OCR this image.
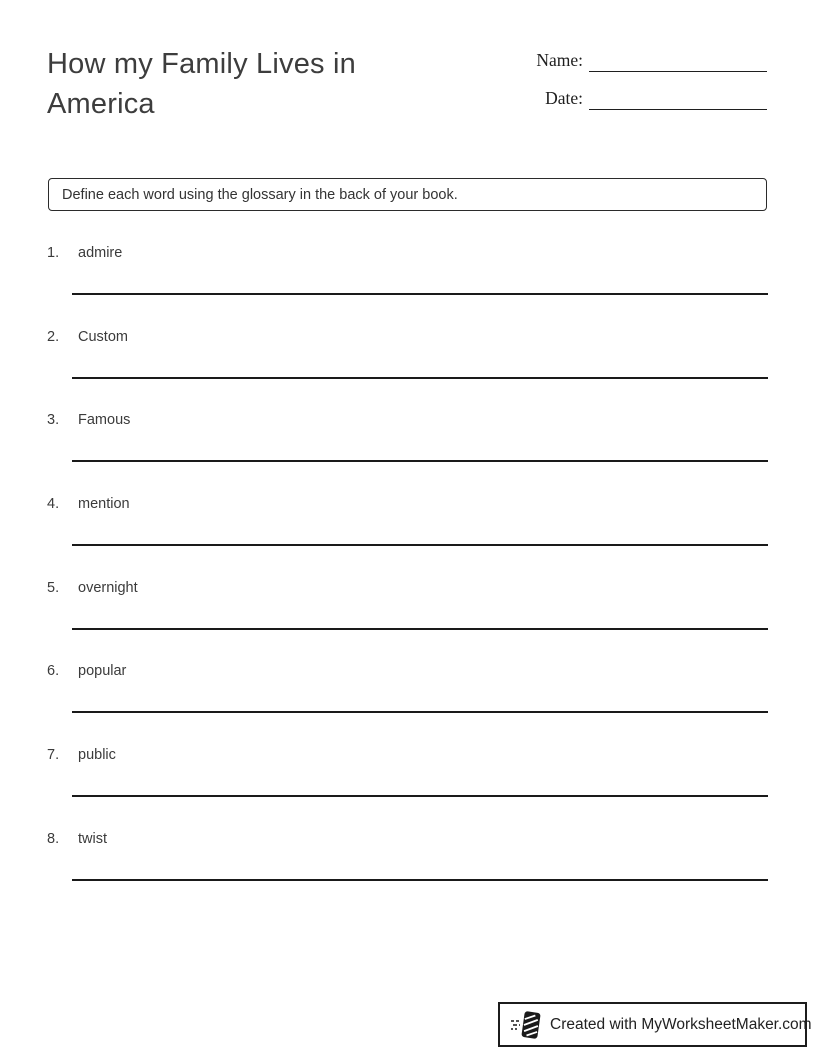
How my Family Lives in America
Name:
Date:
Define each word using the glossary in the back of your book.
1.	admire
2.	Custom
3.	Famous
4.	mention
5.	overnight
6.	popular
7.	public
8.	twist
Created with MyWorksheetMaker.com
